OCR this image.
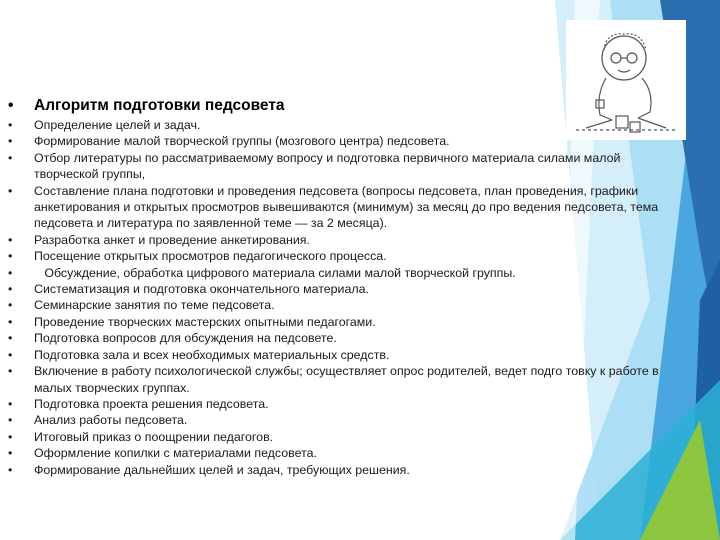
•	Алгоритм подготовки педсовета
•	Определение целей и задач.
•	Формирование малой творческой группы (мозгового центра) педсовета.
•	Отбор литературы по рассматриваемому вопросу и подготовка первичного материала силами малой творческой группы,
•	Составление плана подготовки и проведения педсовета (вопросы педсовета, план проведения, графики анкетирования и открытых просмотров вывешиваются (минимум) за месяц до про ведения педсовета, тема педсовета и литература по заявленной теме — за 2 месяца).
•	Разработка анкет и проведение анкетирования.
•	Посещение открытых просмотров педагогического процесса.
•	Обсуждение, обработка цифрового материала силами малой творческой группы.
•	Систематизация и подготовка окончательного материала.
•	Семинарские занятия по теме педсовета.
•	Проведение творческих мастерских опытными педагогами.
•	Подготовка вопросов для обсуждения на педсовете.
•	Подготовка зала и всех необходимых материальных средств.
•	Включение в работу психологической службы; осуществляет опрос родителей, ведет подго товку к работе в малых творческих группах.
•	Подготовка проекта решения педсовета.
•	Анализ работы педсовета.
•	Итоговый приказ о поощрении педагогов.
•	Оформление копилки с материалами педсовета.
•	Формирование дальнейших целей и задач, требующих решения.
